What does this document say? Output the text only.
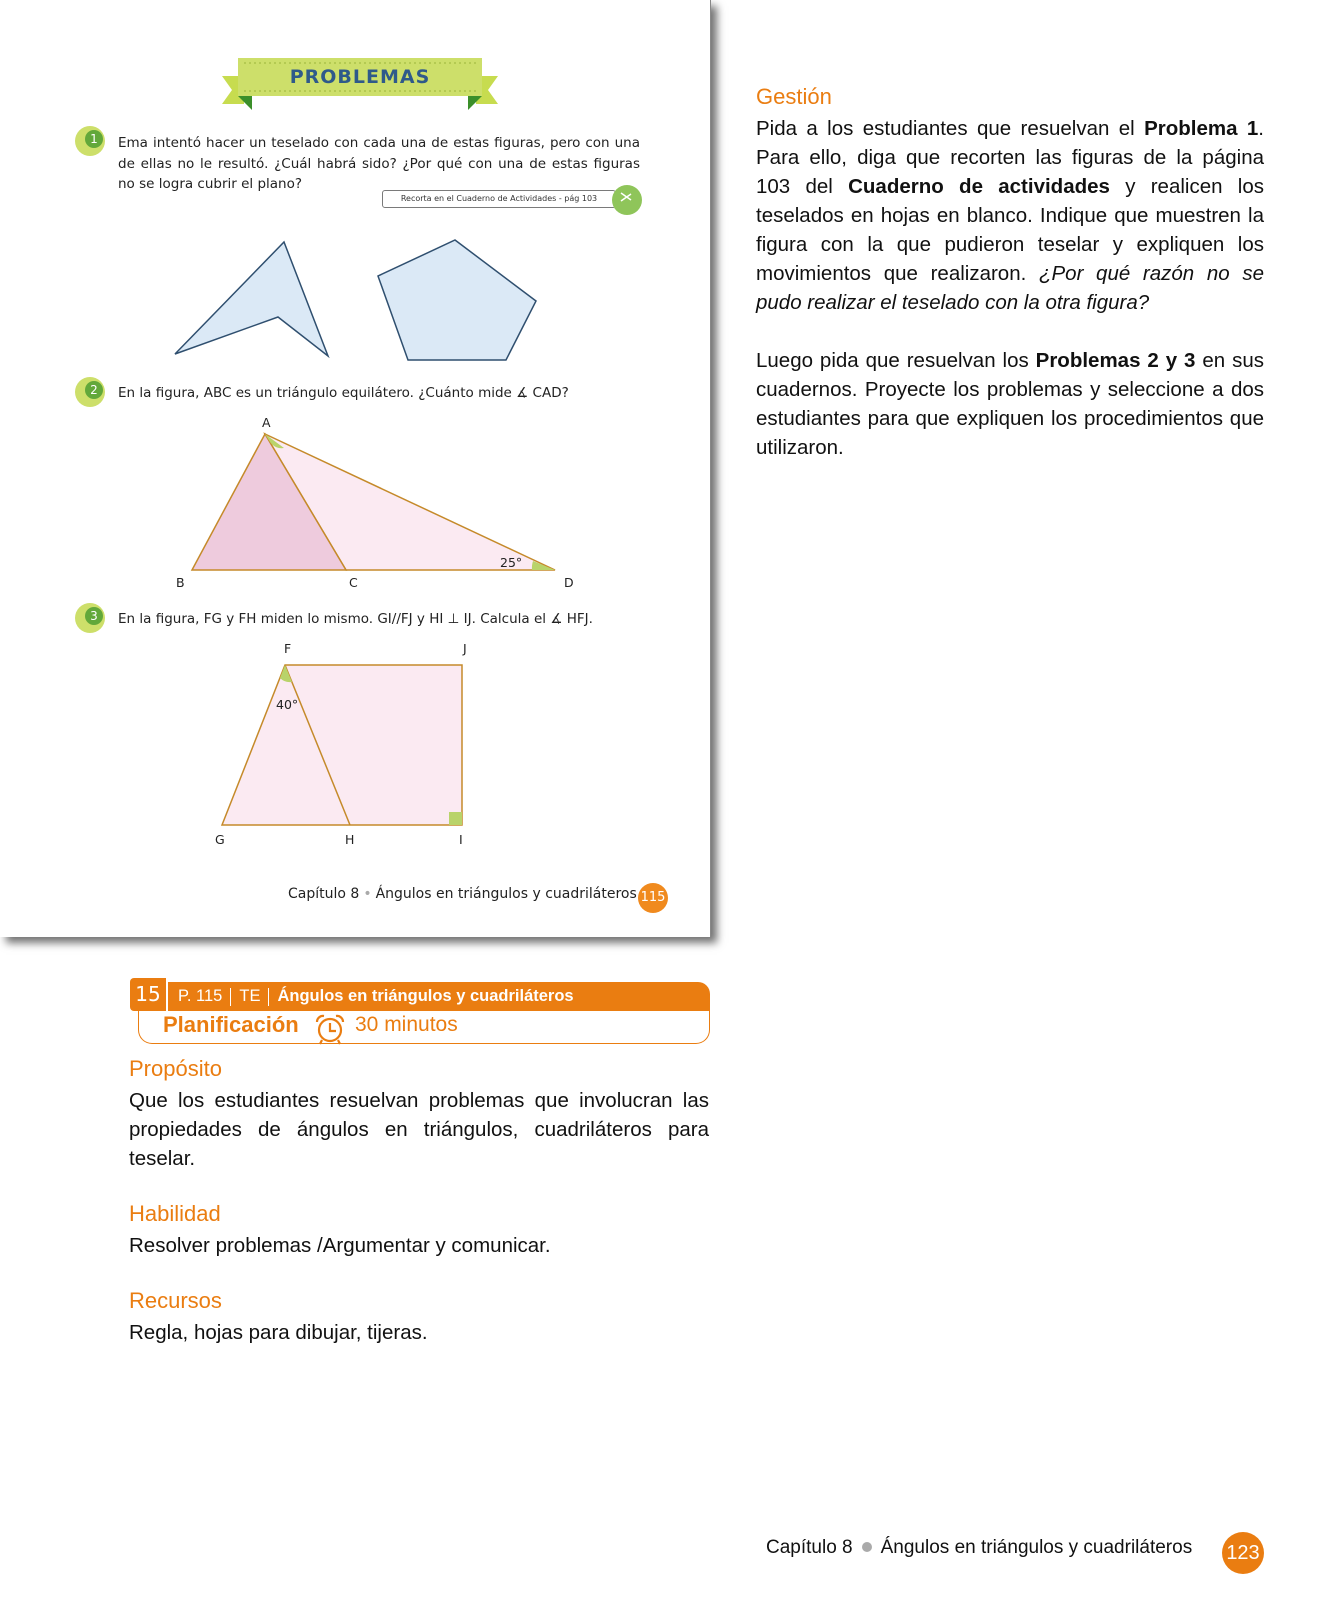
PROBLEMAS
1	Ema intentó hacer un teselado con cada una de estas figuras, pero con una de ellas no le resultó. ¿Cuál habrá sido? ¿Por qué con una de estas figuras no se logra cubrir el plano?
Recorta en el Cuaderno de Actividades - pág 103
2	En la figura, ABC es un triángulo equilátero. ¿Cuánto mide ∡ CAD?
A
B	C	D
25°
3	En la figura, FG y FH miden lo mismo. GI//FJ y HI ⊥ IJ. Calcula el ∡ HFJ.
F	J
G	H	I
40°
Capítulo 8 • Ángulos en triángulos y cuadriláteros 115
15	P. 115 TE Ángulos en triángulos y cuadriláteros
Planificación	30 minutos
Propósito
Que los estudiantes resuelvan problemas que involucran las propiedades de ángulos en triángulos, cuadriláteros para teselar.
Habilidad
Resolver problemas /Argumentar y comunicar.
Recursos
Regla, hojas para dibujar, tijeras.
Gestión
Pida a los estudiantes que resuelvan el Problema 1. Para ello, diga que recorten las figuras de la página 103 del Cuaderno de actividades y realicen los teselados en hojas en blanco. Indique que muestren la figura con la que pudieron teselar y expliquen los movimientos que realizaron. ¿Por qué razón no se pudo realizar el teselado con la otra figura?
Luego pida que resuelvan los Problemas 2 y 3 en sus cuadernos. Proyecte los problemas y seleccione a dos estudiantes para que expliquen los procedimientos que utilizaron.
Capítulo 8 Ángulos en triángulos y cuadriláteros 123
